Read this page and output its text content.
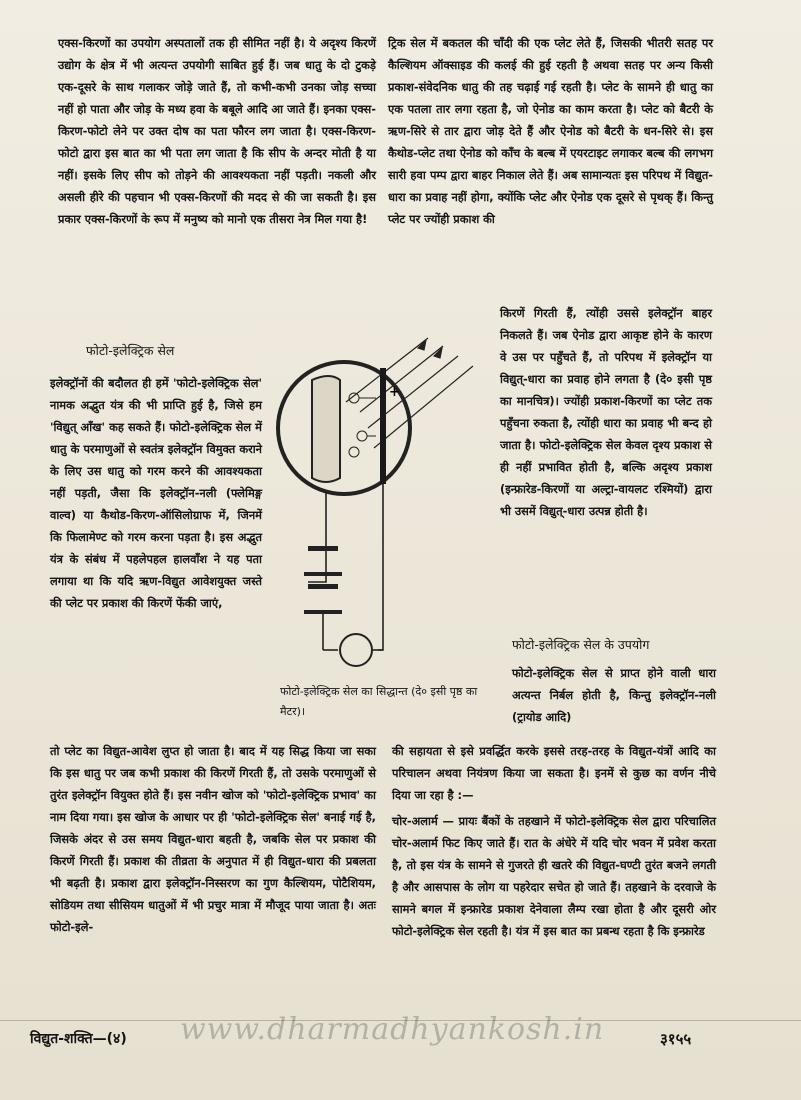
एक्स-किरणों का उपयोग अस्पतालों तक ही सीमित नहीं है। ये अदृश्य किरणें उद्योग के क्षेत्र में भी अत्यन्त उपयोगी साबित हुई हैं। जब धातु के दो टुकड़े एक-दूसरे के साथ गलाकर जोड़े जाते हैं, तो कभी-कभी उनका जोड़ सच्चा नहीं हो पाता और जोड़ के मध्य हवा के बबूले आदि आ जाते हैं। इनका एक्स-किरण-फोटो लेने पर उक्त दोष का पता फौरन लग जाता है। एक्स-किरण-फोटो द्वारा इस बात का भी पता लग जाता है कि सीप के अन्दर मोती है या नहीं। इसके लिए सीप को तोड़ने की आवश्यकता नहीं पड़ती। नकली और असली हीरे की पहचान भी एक्स-किरणों की मदद से की जा सकती है। इस प्रकार एक्स-किरणों के रूप में मनुष्य को मानो एक तीसरा नेत्र मिल गया है!

ट्रिक सेल में बकतल की चाँदी की एक प्लेट लेते हैं, जिसकी भीतरी सतह पर कैल्शियम ऑक्साइड की कलई की हुई रहती है अथवा सतह पर अन्य किसी प्रकाश-संवेदनिक धातु की तह चढ़ाई गई रहती है। प्लेट के सामने ही धातु का एक पतला तार लगा रहता है, जो ऐनोड का काम करता है। प्लेट को बैटरी के ऋण-सिरे से तार द्वारा जोड़ देते हैं और ऐनोड को बैटरी के धन-सिरे से। इस कैथोड-प्लेट तथा ऐनोड को काँच के बल्ब में एयरटाइट लगाकर बल्ब की लगभग सारी हवा पम्प द्वारा बाहर निकाल लेते हैं। अब सामान्यतः इस परिपथ में विद्युत-धारा का प्रवाह नहीं होगा, क्योंकि प्लेट और ऐनोड एक दूसरे से पृथक् हैं। किन्तु प्लेट पर ज्योंही प्रकाश की

फोटो-इलेक्ट्रिक सेल

इलेक्ट्रॉनों की बदौलत ही हमें 'फोटो-इलेक्ट्रिक सेल' नामक अद्भुत यंत्र की भी प्राप्ति हुई है, जिसे हम 'विद्युत् आँख' कह सकते हैं। फोटो-इलेक्ट्रिक सेल में धातु के परमाणुओं से स्वतंत्र इलेक्ट्रॉन विमुक्त कराने के लिए उस धातु को गरम करने की आवश्यकता नहीं पड़ती, जैसा कि इलेक्ट्रॉन-नली (फ्लेमिङ्ग वाल्व) या कैथोड-किरण-ऑसिलोग्राफ में, जिनमें कि फिलामेण्ट को गरम करना पड़ता है। इस अद्भुत यंत्र के संबंध में पहलेपहल हालवाँश ने यह पता लगाया था कि यदि ऋण-विद्युत आवेशयुक्त जस्ते की प्लेट पर प्रकाश की किरणें फेंकी जाएं,

किरणें गिरती हैं, त्योंही उससे इलेक्ट्रॉन बाहर निकलते हैं। जब ऐनोड द्वारा आकृष्ट होने के कारण वे उस पर पहुँचते हैं, तो परिपथ में इलेक्ट्रॉन या विद्युत्-धारा का प्रवाह होने लगता है (दे० इसी पृष्ठ का मानचित्र)। ज्योंही प्रकाश-किरणों का प्लेट तक पहुँचना रुकता है, त्योंही धारा का प्रवाह भी बन्द हो जाता है। फोटो-इलेक्ट्रिक सेल केवल दृश्य प्रकाश से ही नहीं प्रभावित होती है, बल्कि अदृश्य प्रकाश (इन्फ्रारेड-किरणों या अल्ट्रा-वायलट रश्मियों) द्वारा भी उसमें विद्युत्-धारा उत्पन्न होती है।

+
फोटो-इलेक्ट्रिक सेल के उपयोग

फोटो-इलेक्ट्रिक सेल से प्राप्त होने वाली धारा अत्यन्त निर्बल होती है, किन्तु इलेक्ट्रॉन-नली (ट्रायोड आदि)

फोटो-इलेक्ट्रिक सेल का सिद्धान्त (दे० इसी पृष्ठ का मैटर)।

तो प्लेट का विद्युत-आवेश लुप्त हो जाता है। बाद में यह सिद्ध किया जा सका कि इस धातु पर जब कभी प्रकाश की किरणें गिरती हैं, तो उसके परमाणुओं से तुरंत इलेक्ट्रॉन वियुक्त होते हैं। इस नवीन खोज को 'फोटो-इलेक्ट्रिक प्रभाव' का नाम दिया गया। इस खोज के आधार पर ही 'फोटो-इलेक्ट्रिक सेल' बनाई गई है, जिसके अंदर से उस समय विद्युत-धारा बहती है, जबकि सेल पर प्रकाश की किरणें गिरती हैं। प्रकाश की तीव्रता के अनुपात में ही विद्युत-धारा की प्रबलता भी बढ़ती है। प्रकाश द्वारा इलेक्ट्रॉन-निस्सरण का गुण कैल्शियम, पोटैशियम, सोडियम तथा सीसियम धातुओं में भी प्रचुर मात्रा में मौजूद पाया जाता है। अतः फोटो-इले-

की सहायता से इसे प्रवर्द्धित करके इससे तरह-तरह के विद्युत-यंत्रों आदि का परिचालन अथवा नियंत्रण किया जा सकता है। इनमें से कुछ का वर्णन नीचे दिया जा रहा है :—

चोर-अलार्म — प्रायः बैंकों के तहखाने में फोटो-इलेक्ट्रिक सेल द्वारा परिचालित चोर-अलार्म फिट किए जाते हैं। रात के अंधेरे में यदि चोर भवन में प्रवेश करता है, तो इस यंत्र के सामने से गुजरते ही खतरे की विद्युत-घण्टी तुरंत बजने लगती है और आसपास के लोग या पहरेदार सचेत हो जाते हैं। तहखाने के दरवाजे के सामने बगल में इन्फ्रारेड प्रकाश देनेवाला लैम्प रखा होता है और दूसरी ओर फोटो-इलेक्ट्रिक सेल रहती है। यंत्र में इस बात का प्रबन्ध रहता है कि इन्फ्रारेड

विद्युत-शक्ति—(४)	३१५५
www.dharmadhyankosh.in
